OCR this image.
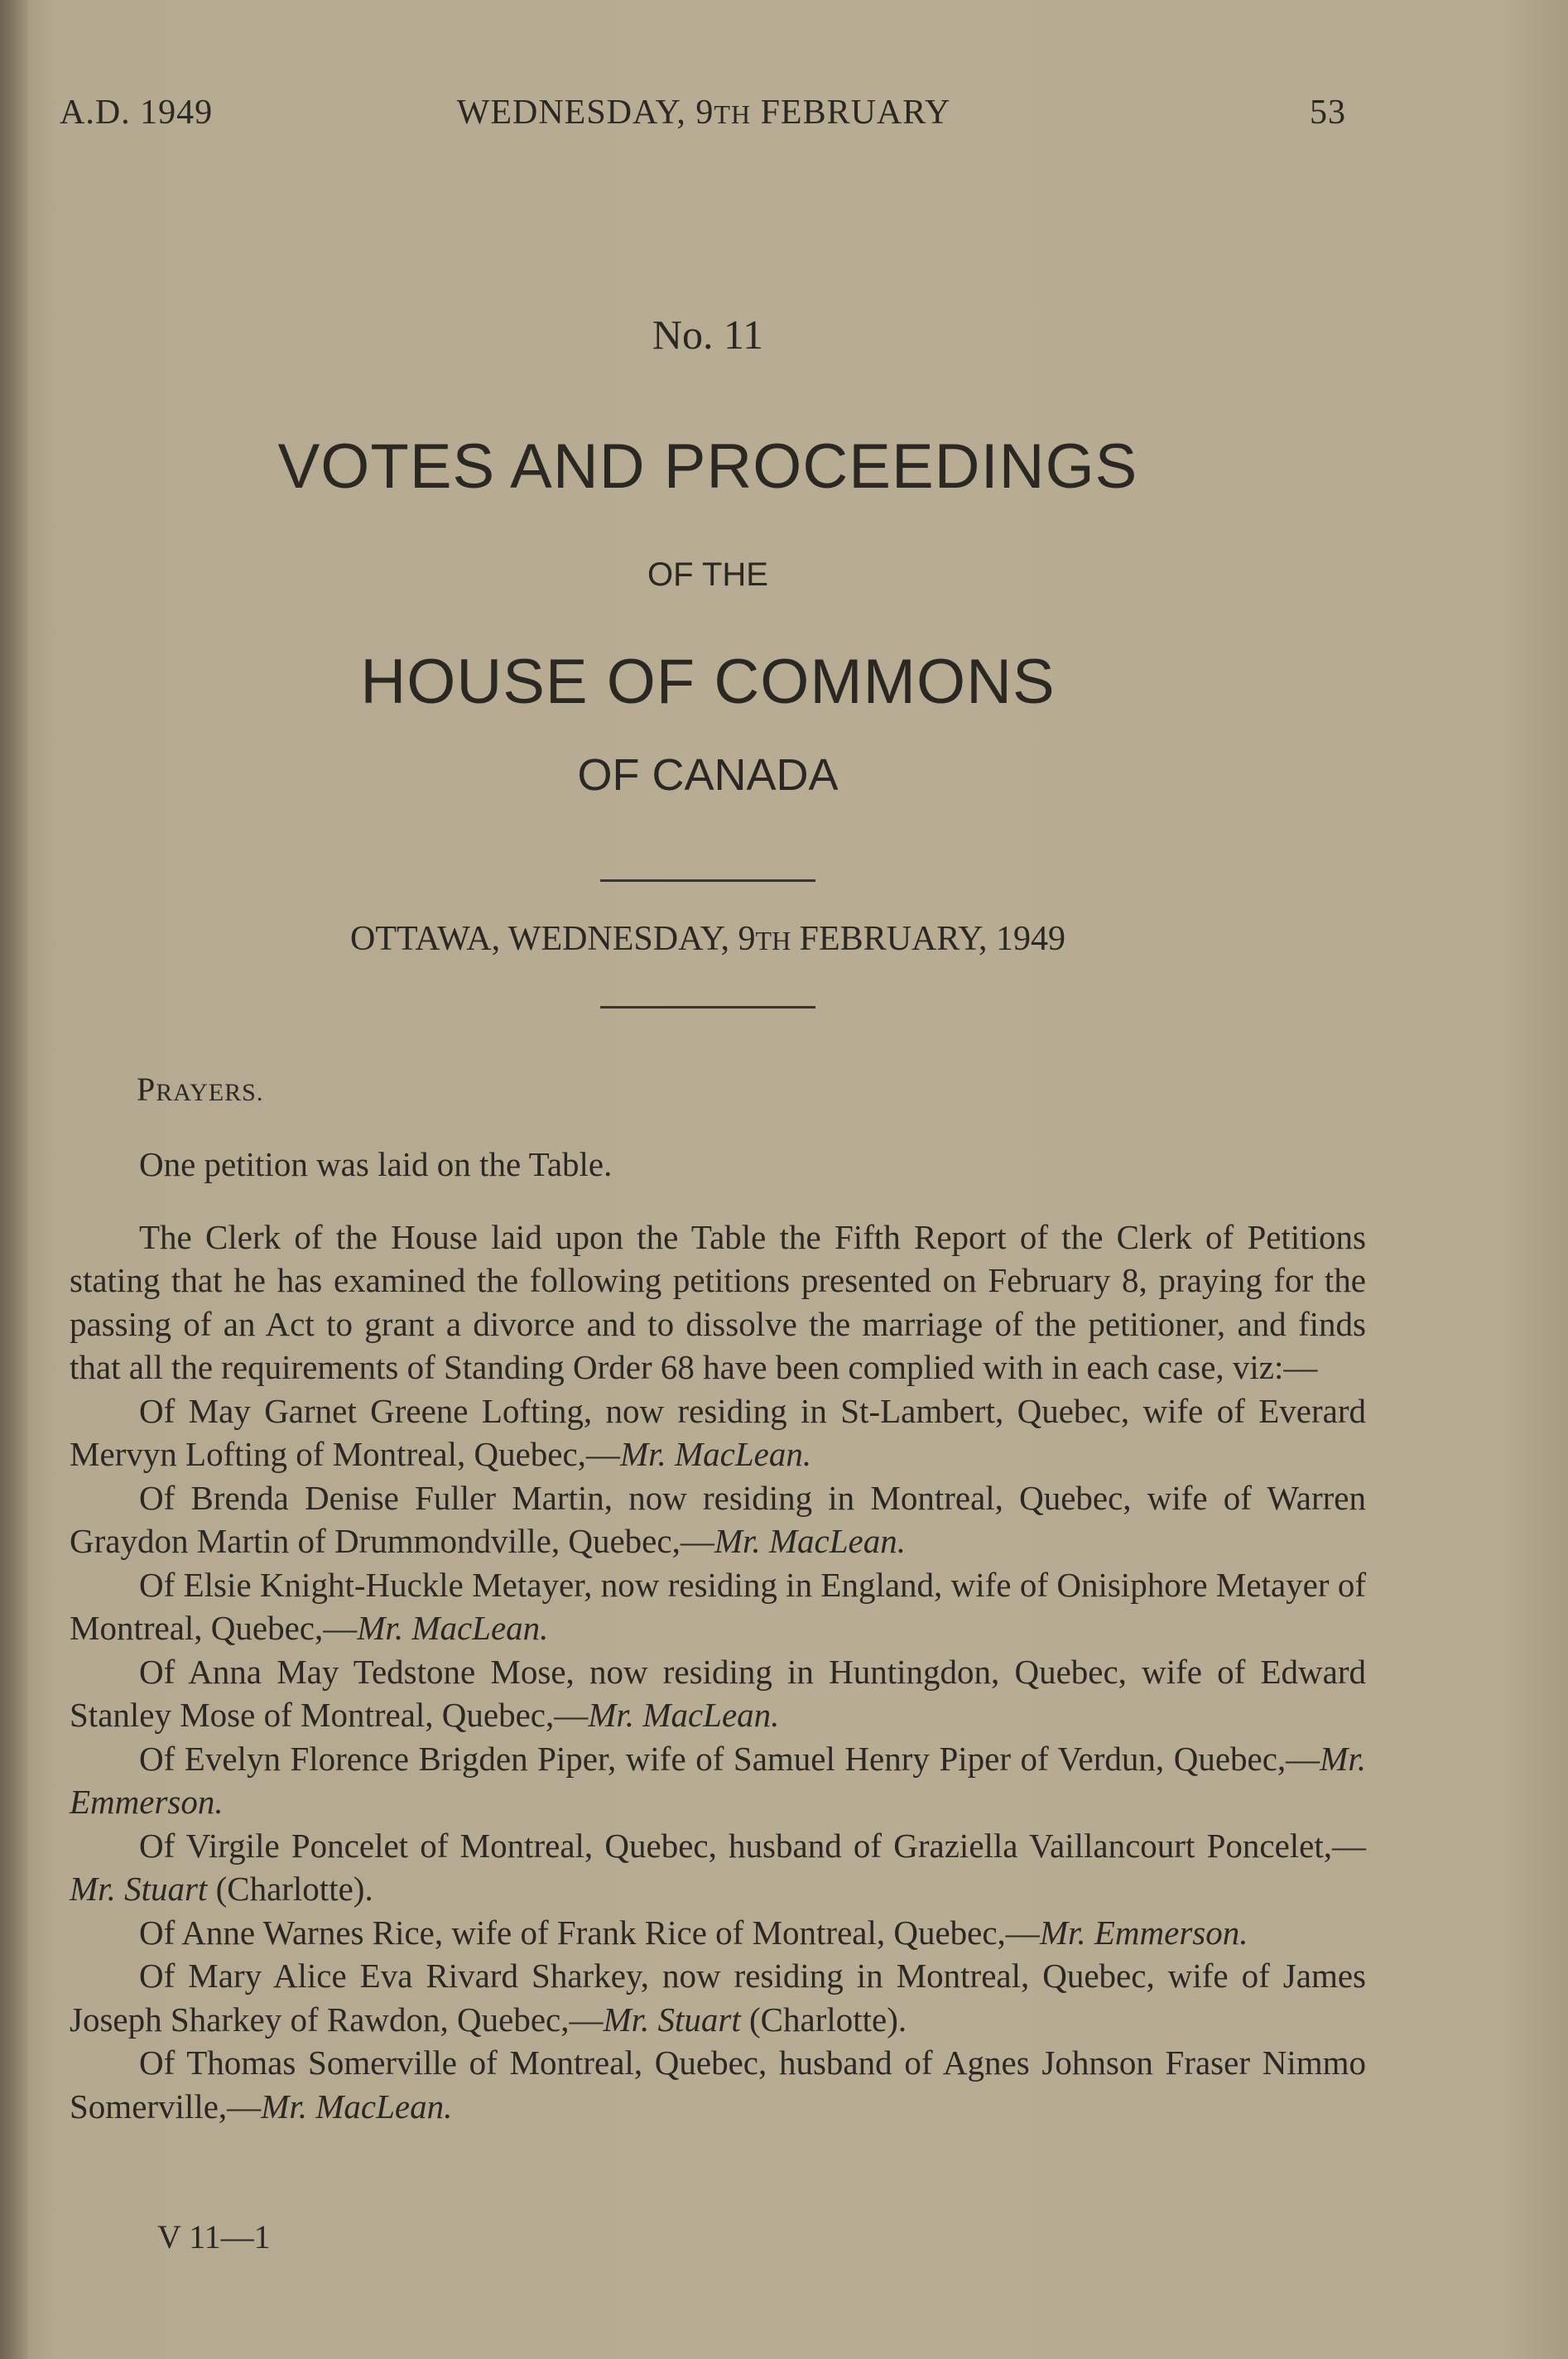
A.D. 1949	WEDNESDAY, 9TH FEBRUARY	53
No. 11
VOTES AND PROCEEDINGS
OF THE
HOUSE OF COMMONS
OF CANADA
OTTAWA, WEDNESDAY, 9TH FEBRUARY, 1949
PRAYERS.

One petition was laid on the Table.

The Clerk of the House laid upon the Table the Fifth Report of the Clerk of Petitions stating that he has examined the following petitions presented on February 8, praying for the passing of an Act to grant a divorce and to dissolve the marriage of the petitioner, and finds that all the requirements of Standing Order 68 have been complied with in each case, viz:—

Of May Garnet Greene Lofting, now residing in St-Lambert, Quebec, wife of Everard Mervyn Lofting of Montreal, Quebec,—Mr. MacLean.

Of Brenda Denise Fuller Martin, now residing in Montreal, Quebec, wife of Warren Graydon Martin of Drummondville, Quebec,—Mr. MacLean.

Of Elsie Knight-Huckle Metayer, now residing in England, wife of Onisiphore Metayer of Montreal, Quebec,—Mr. MacLean.

Of Anna May Tedstone Mose, now residing in Huntingdon, Quebec, wife of Edward Stanley Mose of Montreal, Quebec,—Mr. MacLean.

Of Evelyn Florence Brigden Piper, wife of Samuel Henry Piper of Verdun, Quebec,—Mr. Emmerson.

Of Virgile Poncelet of Montreal, Quebec, husband of Graziella Vaillancourt Poncelet,—Mr. Stuart (Charlotte).

Of Anne Warnes Rice, wife of Frank Rice of Montreal, Quebec,—Mr. Emmerson.

Of Mary Alice Eva Rivard Sharkey, now residing in Montreal, Quebec, wife of James Joseph Sharkey of Rawdon, Quebec,—Mr. Stuart (Charlotte).

Of Thomas Somerville of Montreal, Quebec, husband of Agnes Johnson Fraser Nimmo Somerville,—Mr. MacLean.

V 11—1
